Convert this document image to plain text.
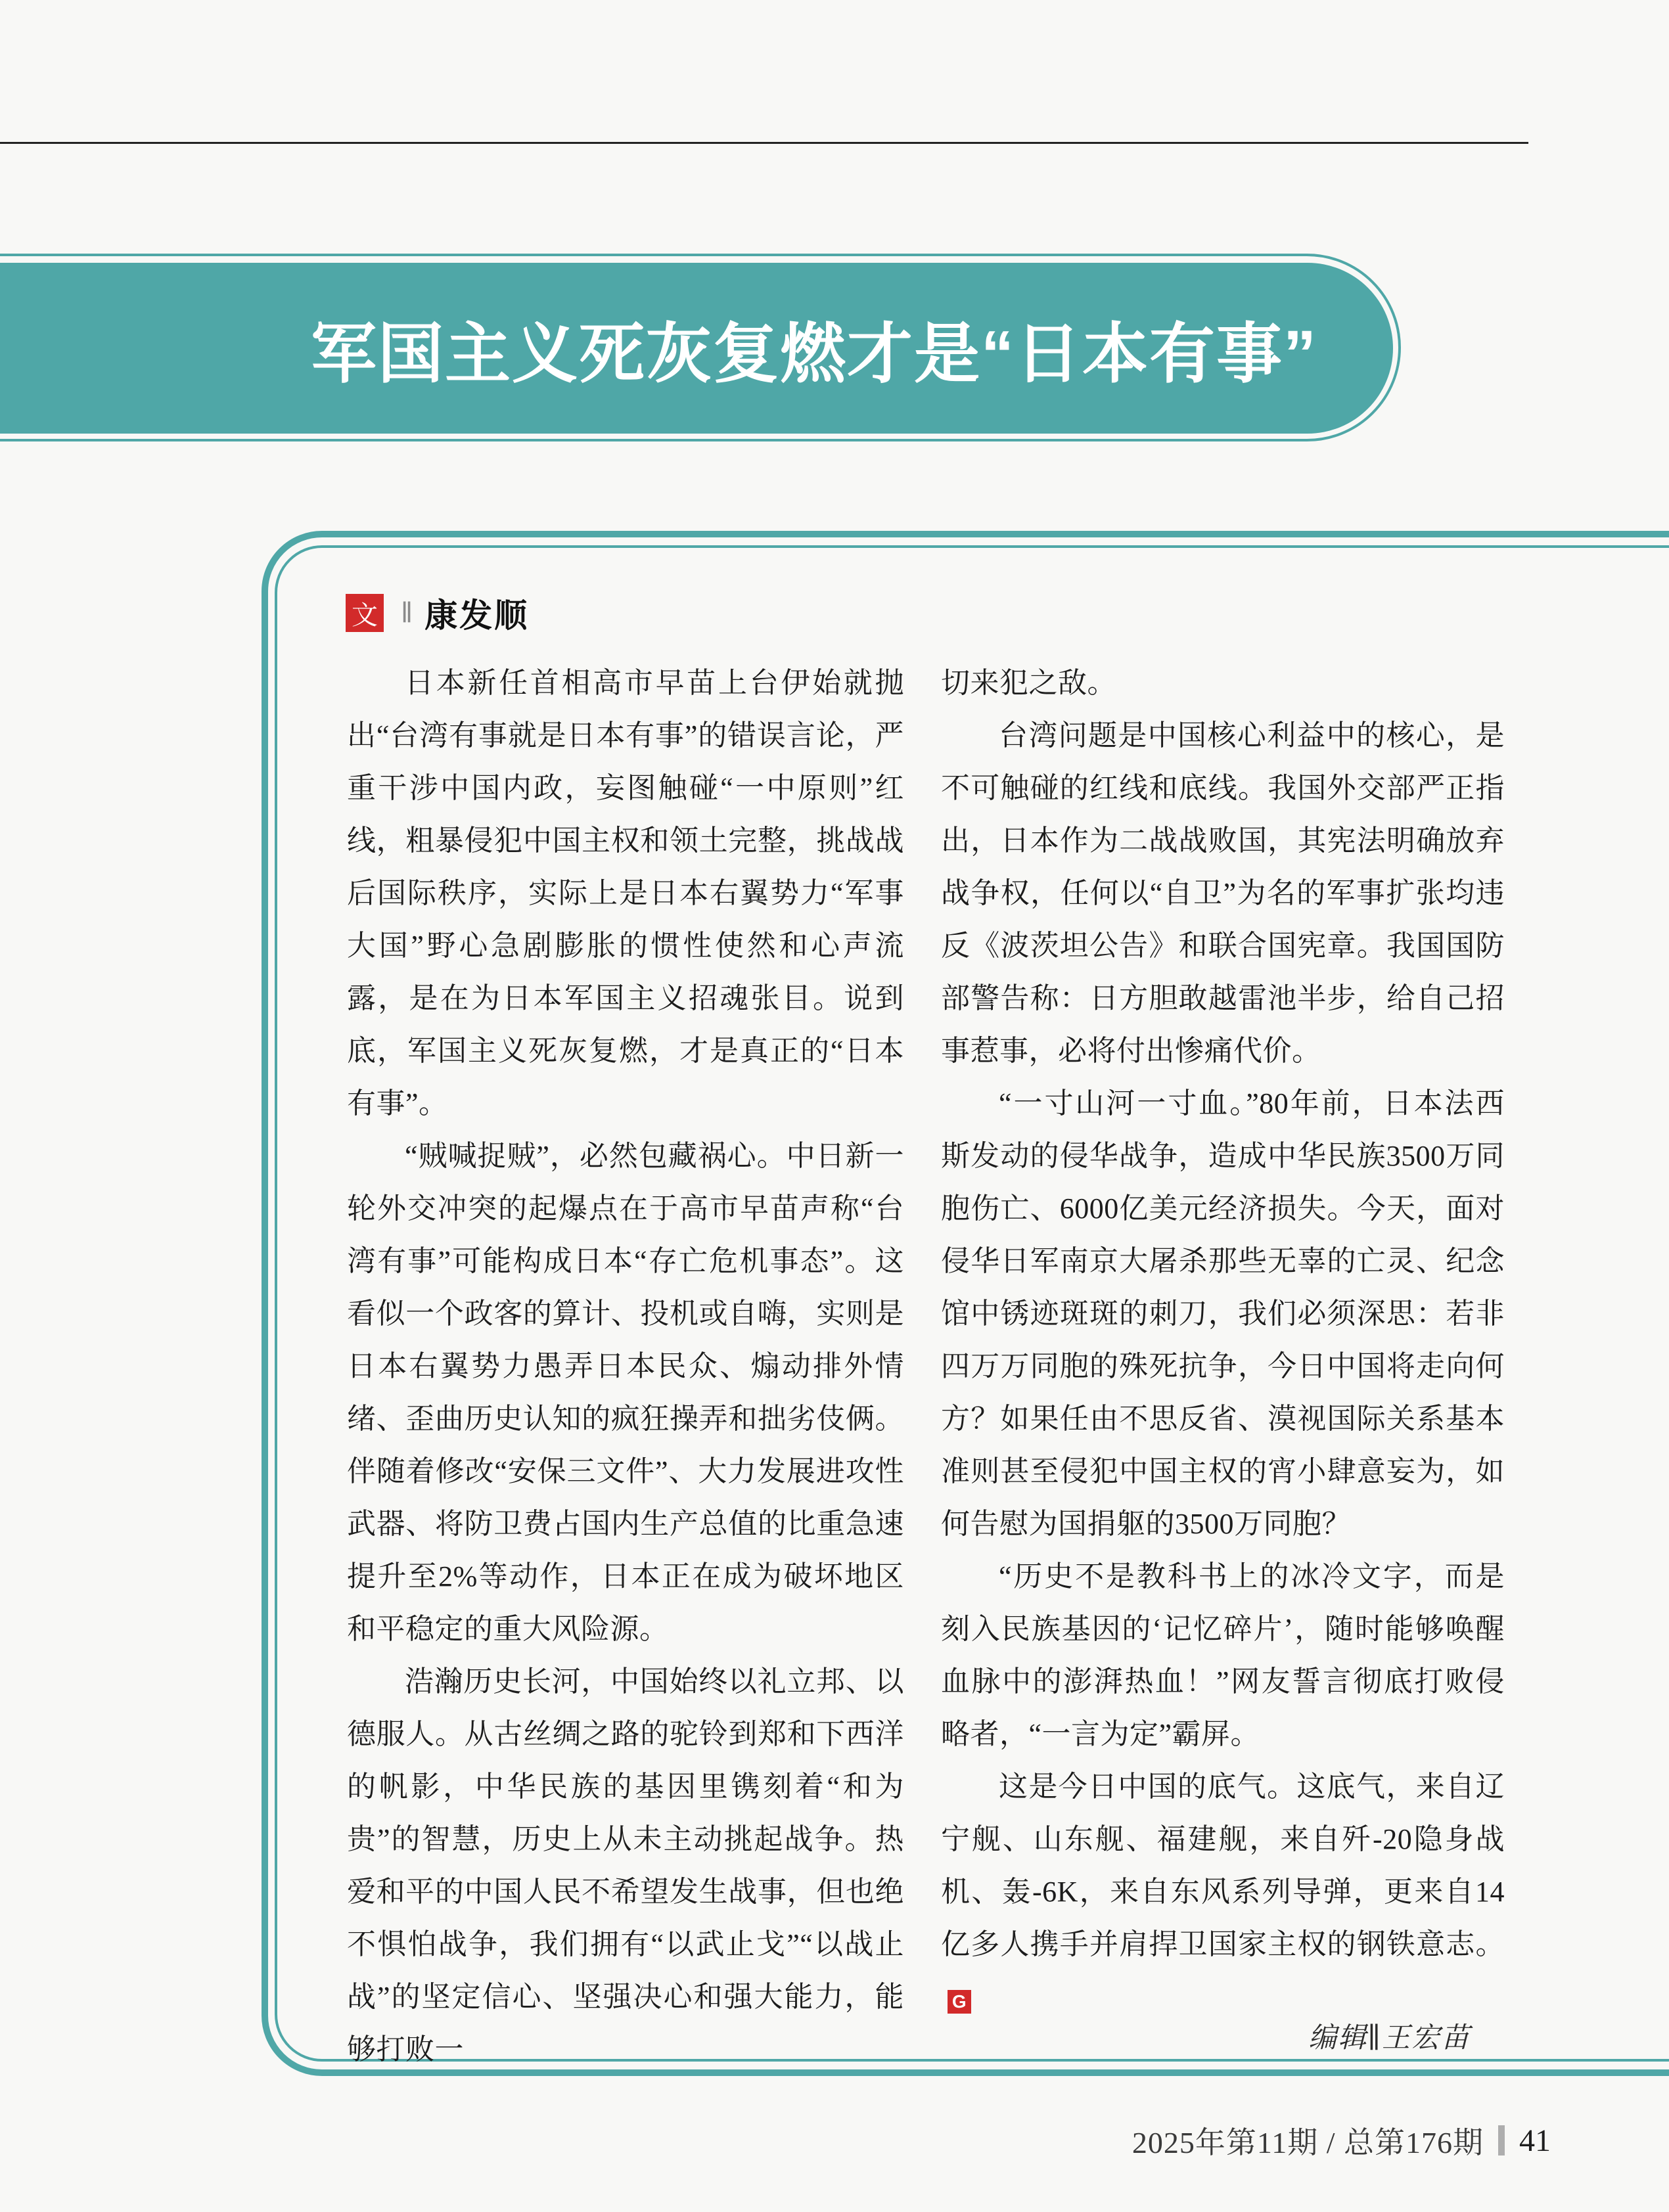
军国主义死灰复燃才是“日本有事”
文 ‖ 康发顺

日本新任首相高市早苗上台伊始就抛出“台湾有事就是日本有事”的错误言论，严重干涉中国内政，妄图触碰“一中原则”红线，粗暴侵犯中国主权和领土完整，挑战战后国际秩序，实际上是日本右翼势力“军事大国”野心急剧膨胀的惯性使然和心声流露，是在为日本军国主义招魂张目。说到底，军国主义死灰复燃，才是真正的“日本有事”。

“贼喊捉贼”，必然包藏祸心。中日新一轮外交冲突的起爆点在于高市早苗声称“台湾有事”可能构成日本“存亡危机事态”。这看似一个政客的算计、投机或自嗨，实则是日本右翼势力愚弄日本民众、煽动排外情绪、歪曲历史认知的疯狂操弄和拙劣伎俩。伴随着修改“安保三文件”、大力发展进攻性武器、将防卫费占国内生产总值的比重急速提升至2%等动作，日本正在成为破坏地区和平稳定的重大风险源。

浩瀚历史长河，中国始终以礼立邦、以德服人。从古丝绸之路的驼铃到郑和下西洋的帆影，中华民族的基因里镌刻着“和为贵”的智慧，历史上从未主动挑起战争。热爱和平的中国人民不希望发生战事，但也绝不惧怕战争，我们拥有“以武止戈”“以战止战”的坚定信心、坚强决心和强大能力，能够打败一

切来犯之敌。

台湾问题是中国核心利益中的核心，是不可触碰的红线和底线。我国外交部严正指出，日本作为二战战败国，其宪法明确放弃战争权，任何以“自卫”为名的军事扩张均违反《波茨坦公告》和联合国宪章。我国国防部警告称：日方胆敢越雷池半步，给自己招事惹事，必将付出惨痛代价。

“一寸山河一寸血。”80年前，日本法西斯发动的侵华战争，造成中华民族3500万同胞伤亡、6000亿美元经济损失。今天，面对侵华日军南京大屠杀那些无辜的亡灵、纪念馆中锈迹斑斑的刺刀，我们必须深思：若非四万万同胞的殊死抗争，今日中国将走向何方？如果任由不思反省、漠视国际关系基本准则甚至侵犯中国主权的宵小肆意妄为，如何告慰为国捐躯的3500万同胞？

“历史不是教科书上的冰冷文字，而是刻入民族基因的‘记忆碎片’，随时能够唤醒血脉中的澎湃热血！”网友誓言彻底打败侵略者，“一言为定”霸屏。

这是今日中国的底气。这底气，来自辽宁舰、山东舰、福建舰，来自歼-20隐身战机、轰-6K，来自东风系列导弹，更来自14亿多人携手并肩捍卫国家主权的钢铁意志。G

编辑∥王宏苗
2025年第11期 / 总第176期 41
